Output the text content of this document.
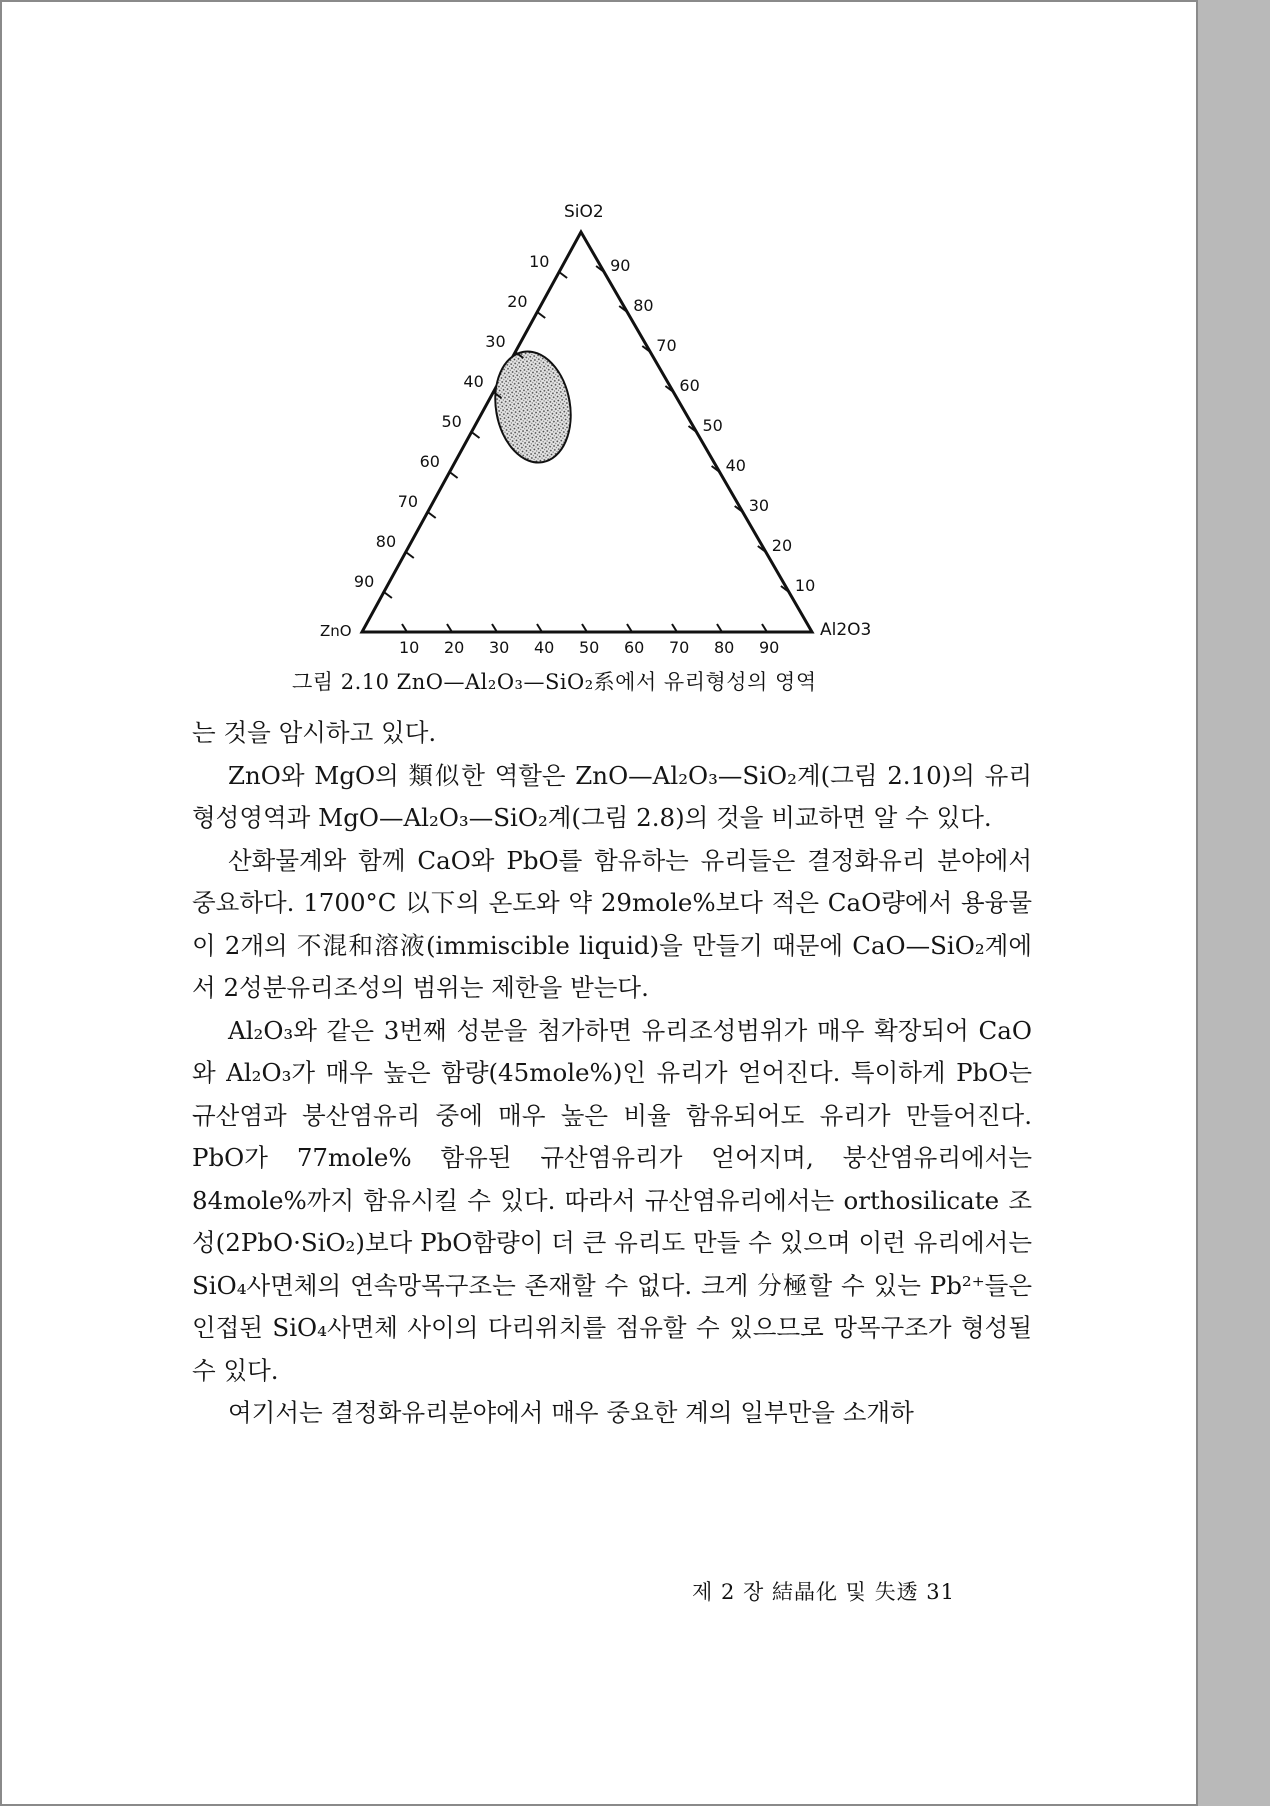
SiO2
ZnO	Al2O3
10
20
30
40
50
60
70
80
90
90
80
70
60
50
40
30
20
10
10 20 30 40 50 60 70 80 90
그림 2.10 ZnO—Al₂O₃—SiO₂系에서 유리형성의 영역

는 것을 암시하고 있다.

ZnO와 MgO의 類似한 역할은 ZnO—Al₂O₃—SiO₂계(그림 2.10)의 유리형성영역과 MgO—Al₂O₃—SiO₂계(그림 2.8)의 것을 비교하면 알 수 있다.

산화물계와 함께 CaO와 PbO를 함유하는 유리들은 결정화유리 분야에서 중요하다. 1700°C 以下의 온도와 약 29mole%보다 적은 CaO량에서 용융물이 2개의 不混和溶液(immiscible liquid)을 만들기 때문에 CaO—SiO₂계에서 2성분유리조성의 범위는 제한을 받는다.

Al₂O₃와 같은 3번째 성분을 첨가하면 유리조성범위가 매우 확장되어 CaO와 Al₂O₃가 매우 높은 함량(45mole%)인 유리가 얻어진다. 특이하게 PbO는 규산염과 붕산염유리 중에 매우 높은 비율 함유되어도 유리가 만들어진다. PbO가 77mole% 함유된 규산염유리가 얻어지며, 붕산염유리에서는 84mole%까지 함유시킬 수 있다. 따라서 규산염유리에서는 orthosilicate 조성(2PbO·SiO₂)보다 PbO함량이 더 큰 유리도 만들 수 있으며 이런 유리에서는 SiO₄사면체의 연속망목구조는 존재할 수 없다. 크게 分極할 수 있는 Pb²⁺들은 인접된 SiO₄사면체 사이의 다리위치를 점유할 수 있으므로 망목구조가 형성될 수 있다.

여기서는 결정화유리분야에서 매우 중요한 계의 일부만을 소개하

제 2 장 結晶化 및 失透 31
